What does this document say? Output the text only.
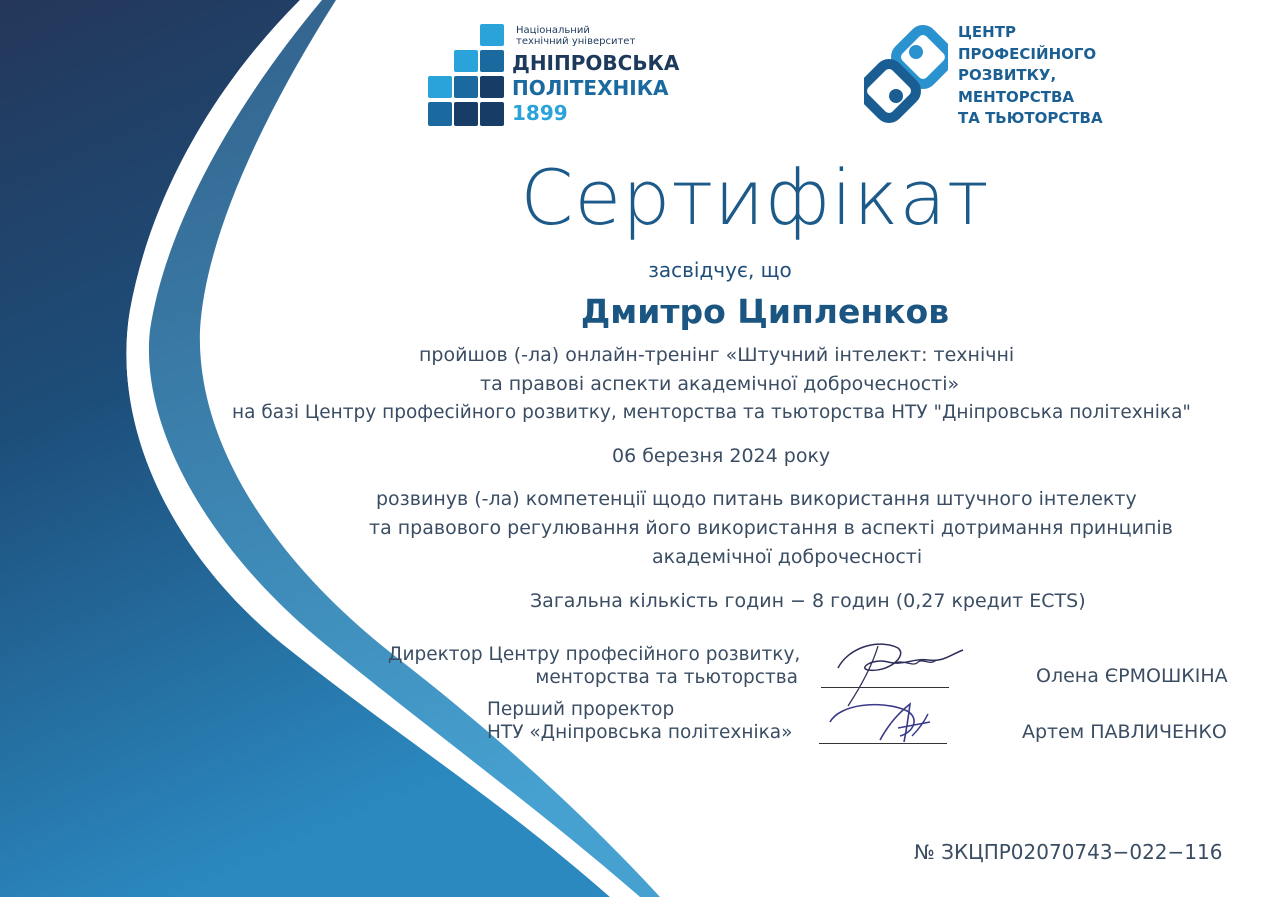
Національний
технічний університет
ДНІПРОВСЬКА
ПОЛІТЕХНІКА
1899
ЦЕНТР
ПРОФЕСІЙНОГО
РОЗВИТКУ,
МЕНТОРСТВА
ТА ТЬЮТОРСТВА
Сертифікат
засвідчує, що
Дмитро Ципленков
пройшов (-ла) онлайн-тренінг «Штучний інтелект: технічні
та правові аспекти академічної доброчесності»
на базі Центру професійного розвитку, менторства та тьюторства НТУ "Дніпровська політехніка"
06 березня 2024 року
розвинув (-ла) компетенції щодо питань використання штучного інтелекту
та правового регулювання його використання в аспекті дотримання принципів
академічної доброчесності
Загальна кількість годин − 8 годин (0,27 кредит ECTS)
Директор Центру професійного розвитку,
менторства та тьюторства	Олена ЄРМОШКІНА
Перший проректор
НТУ «Дніпровська політехніка»	Артем ПАВЛИЧЕНКО
№ ЗКЦПР02070743−022−116
